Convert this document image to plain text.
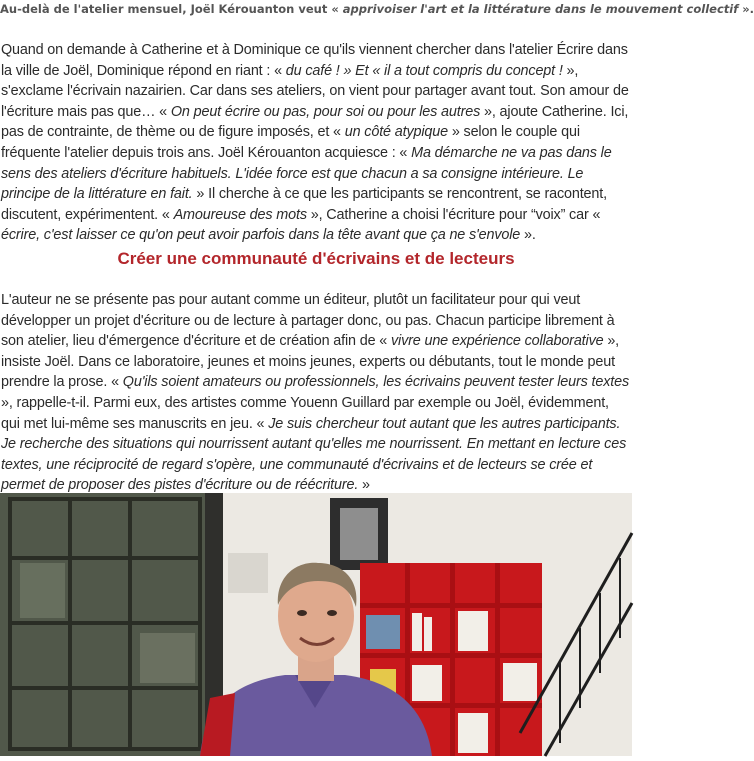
Au-delà de l'atelier mensuel, Joël Kérouanton veut « apprivoiser l'art et la littérature dans le mouvement collectif ».

Quand on demande à Catherine et à Dominique ce qu'ils viennent chercher dans l'atelier Écrire dans la ville de Joël, Dominique répond en riant : « du café ! » Et « il a tout compris du concept ! », s'exclame l'écrivain nazairien. Car dans ses ateliers, on vient pour partager avant tout. Son amour de l'écriture mais pas que… « On peut écrire ou pas, pour soi ou pour les autres », ajoute Catherine. Ici, pas de contrainte, de thème ou de figure imposés, et « un côté atypique » selon le couple qui fréquente l'atelier depuis trois ans. Joël Kérouanton acquiesce : « Ma démarche ne va pas dans le sens des ateliers d'écriture habituels. L'idée force est que chacun a sa consigne intérieure. Le principe de la littérature en fait. » Il cherche à ce que les participants se rencontrent, se racontent, discutent, expérimentent. « Amoureuse des mots », Catherine a choisi l'écriture pour “voix” car « écrire, c'est laisser ce qu'on peut avoir parfois dans la tête avant que ça ne s'envole ».

Créer une communauté d'écrivains et de lecteurs

L'auteur ne se présente pas pour autant comme un éditeur, plutôt un facilitateur pour qui veut développer un projet d'écriture ou de lecture à partager donc, ou pas. Chacun participe librement à son atelier, lieu d'émergence d'écriture et de création afin de « vivre une expérience collaborative », insiste Joël. Dans ce laboratoire, jeunes et moins jeunes, experts ou débutants, tout le monde peut prendre la prose. « Qu'ils soient amateurs ou professionnels, les écrivains peuvent tester leurs textes », rappelle-t-il. Parmi eux, des artistes comme Youenn Guillard par exemple ou Joël, évidemment, qui met lui-même ses manuscrits en jeu. « Je suis chercheur tout autant que les autres participants. Je recherche des situations qui nourrissent autant qu'elles me nourrissent. En mettant en lecture ces textes, une réciprocité de regard s'opère, une communauté d'écrivains et de lecteurs se crée et permet de proposer des pistes d'écriture ou de réécriture. »
